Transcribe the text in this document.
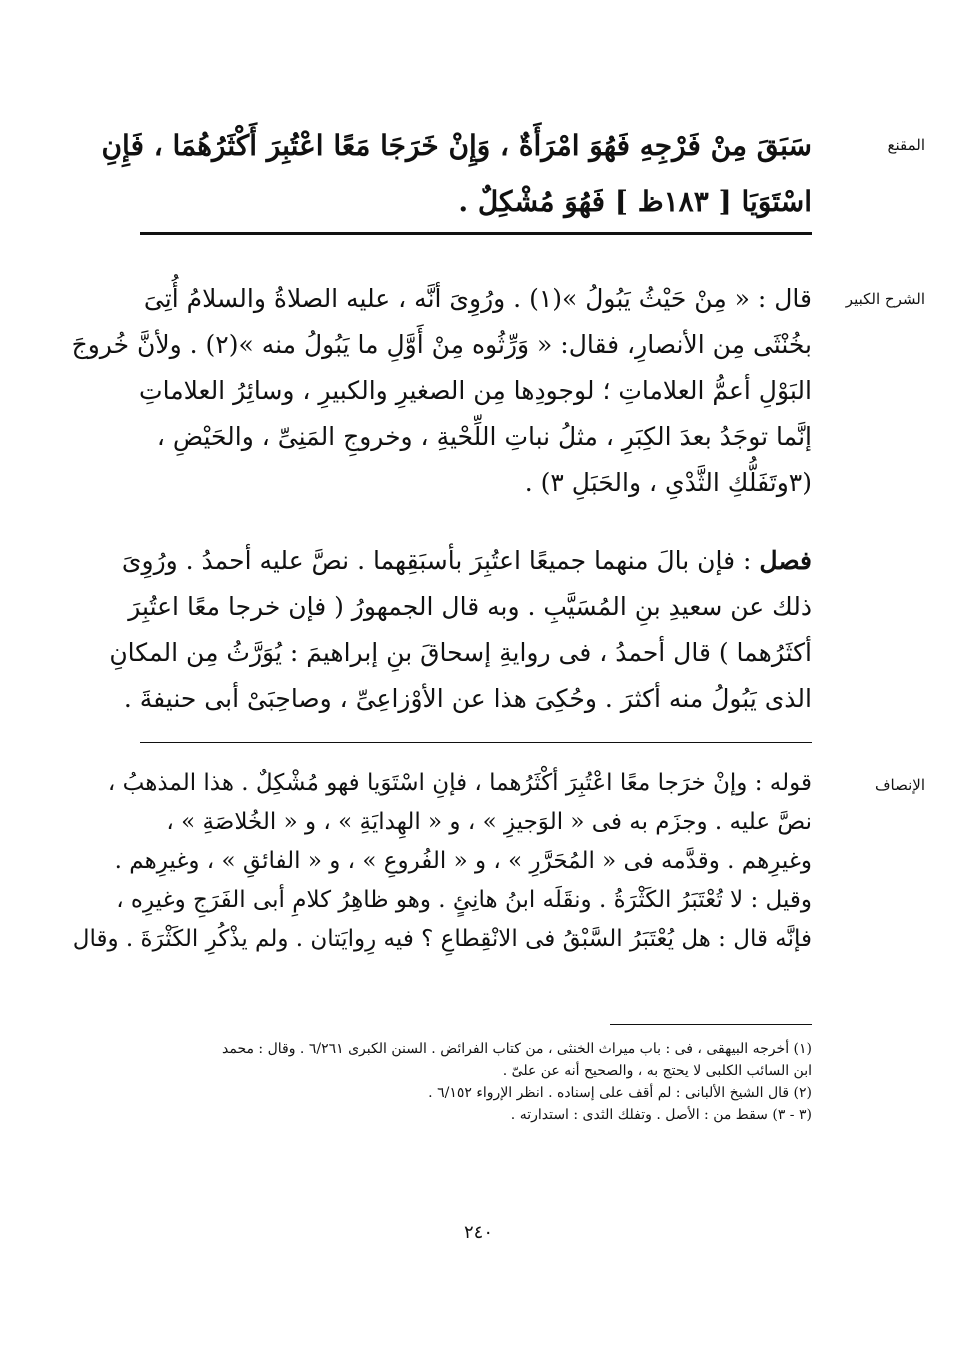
المقنع
سَبَقَ مِنْ فَرْجِهِ فَهُوَ امْرَأَةٌ ، وَإِنْ خَرَجَا مَعًا اعْتُبِرَ أَكْثَرُهُمَا ، فَإِنِ
اسْتَوَيَا [ ١٨٣ظ ] فَهُوَ مُشْكِلٌ .
الشرح الكبير
قال : « مِنْ حَيْثُ يَبُولُ »(١) . ورُوِىَ أنَّه ، عليه الصلاةُ والسلامُ أُتِىَ
بخُنْثَى مِن الأنصارِ، فقال: « وَرِّثُوه مِنْ أَوَّلِ ما يَبُولُ منه »(٢) . ولأنَّ خُروجَ
البَوْلِ أعمُّ العلاماتِ ؛ لوجودِها مِن الصغيرِ والكبيرِ ، وسائِرُ العلاماتِ
إنَّما توجَدُ بعدَ الكِبَرِ ، مثلُ نباتِ اللِّحْيةِ ، وخروجِ المَنِىِّ ، والحَيْضِ ،
(٣وتَفَلُّكِ الثَّدْىِ ، والحَبَلِ ٣) .
فصل : فإن بالَ منهما جميعًا اعتُبِرَ بأسبَقِهما . نصَّ عليه أحمدُ . ورُوِىَ
ذلك عن سعيدِ بنِ المُسَيَّبِ . وبه قال الجمهورُ ( فإن خرجا معًا اعتُبِرَ
أكثَرُهما ) قال أحمدُ ، فى روايةِ إسحاقَ بنِ إبراهيمَ : يُوَرَّثُ مِن المكانِ
الذى يَبُولُ منه أكثرَ . وحُكِىَ هذا عن الأوْزاعِىِّ ، وصاحِبَىْ أبى حنيفةَ .
الإنصاف
قوله : وإنْ خرَجا معًا اعْتُبِرَ أكْثَرُهما ، فإنِ اسْتَوَيا فهو مُشْكِلٌ . هذا المذهبُ ،
نصَّ عليه . وجزَم به فى « الوَجيزِ » ، و « الهِدايَةِ » ، و « الخُلاصَةِ » ،
وغيرِهم . وقدَّمه فى « المُحَرَّرِ » ، و « الفُروعِ » ، و « الفائقِ » ، وغيرِهم .
وقيل : لا تُعْتَبَرُ الكَثْرَةُ . ونقَلَه ابنُ هانِئٍ . وهو ظاهِرُ كلامِ أبى الفَرَجِ وغيرِه ،
فإنَّه قال : هل يُعْتَبَرُ السَّبْقُ فى الانْقِطاعِ ؟ فيه رِوايَتان . ولم يذْكُرِ الكَثْرَةَ . وقال
(١) أخرجه البيهقى ، فى : باب ميراث الخنثى ، من كتاب الفرائض . السنن الكبرى ٦/٢٦١ . وقال : محمد
ابن السائب الكلبى لا يحتج به ، والصحيح أنه عن علىّ .
(٢) قال الشيخ الألبانى : لم أقف على إسناده . انظر الإرواء ٦/١٥٢ .
(٣ - ٣) سقط من : الأصل . وتفلك الثدى : استدارته .
٢٤٠
